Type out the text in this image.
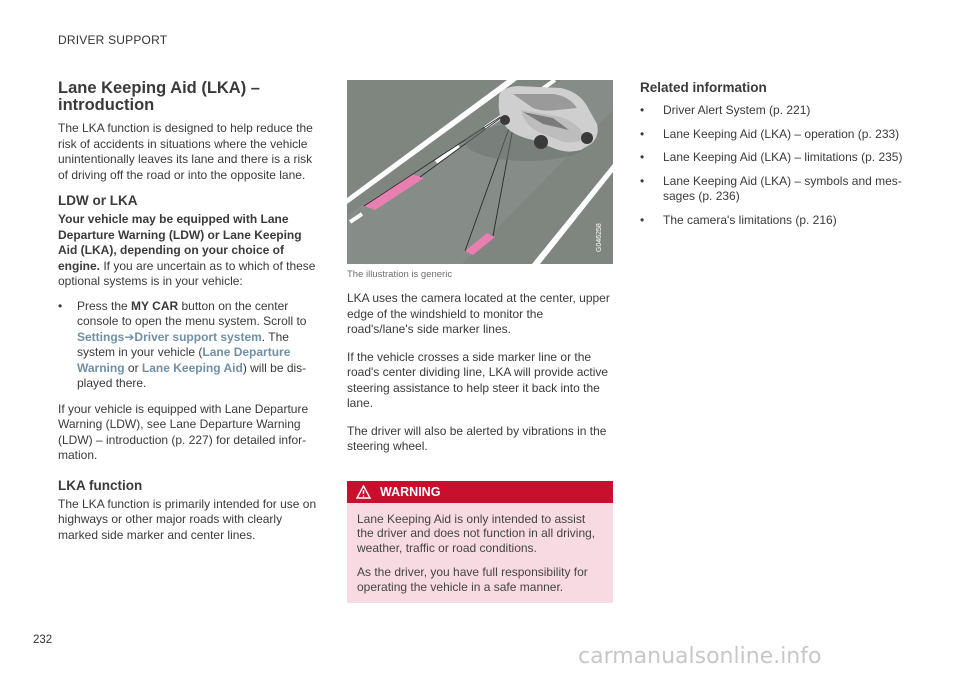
DRIVER SUPPORT
Lane Keeping Aid (LKA) – introduction

The LKA function is designed to help reduce the risk of accidents in situations where the vehicle unintentionally leaves its lane and there is a risk of driving off the road or into the opposite lane.

LDW or LKA

Your vehicle may be equipped with Lane Departure Warning (LDW) or Lane Keeping Aid (LKA), depending on your choice of engine. If you are uncertain as to which of these optional systems is in your vehicle:

•	Press the MY CAR button on the center console to open the menu system. Scroll to Settings➔Driver support system. The system in your vehicle (Lane Departure Warning or Lane Keeping Aid) will be displayed there.

If your vehicle is equipped with Lane Departure Warning (LDW), see Lane Departure Warning (LDW) – introduction (p. 227) for detailed information.

LKA function

The LKA function is primarily intended for use on highways or other major roads with clearly marked side marker and center lines.

G046258
The illustration is generic

LKA uses the camera located at the center, upper edge of the windshield to monitor the road's/lane's side marker lines.

If the vehicle crosses a side marker line or the road's center dividing line, LKA will provide active steering assistance to help steer it back into the lane.

The driver will also be alerted by vibrations in the steering wheel.

WARNING

Lane Keeping Aid is only intended to assist the driver and does not function in all driving, weather, traffic or road conditions.

As the driver, you have full responsibility for operating the vehicle in a safe manner.

Related information
•	Driver Alert System (p. 221)
•	Lane Keeping Aid (LKA) – operation (p. 233)
•	Lane Keeping Aid (LKA) – limitations (p. 235)
•	Lane Keeping Aid (LKA) – symbols and messages (p. 236)
•	The camera's limitations (p. 216)
232
carmanualsonline.info
